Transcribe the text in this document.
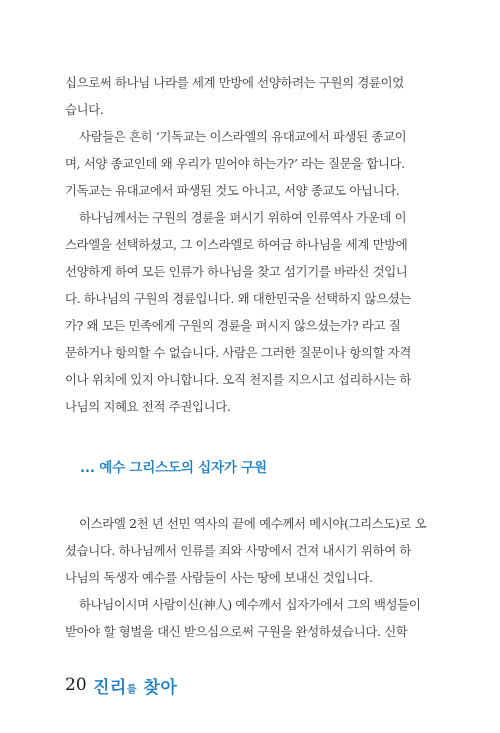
십으로써 하나님 나라를 세계 만방에 선양하려는 구원의 경륜이었
습니다.
사람들은 흔히 ‘기독교는 이스라엘의 유대교에서 파생된 종교이
며, 서양 종교인데 왜 우리가 믿어야 하는가?’ 라는 질문을 합니다.
기독교는 유대교에서 파생된 것도 아니고, 서양 종교도 아닙니다.
하나님께서는 구원의 경륜을 펴시기 위하여 인류역사 가운데 이
스라엘을 선택하셨고, 그 이스라엘로 하여금 하나님을 세계 만방에
선양하게 하여 모든 인류가 하나님을 찾고 섬기기를 바라신 것입니
다. 하나님의 구원의 경륜입니다. 왜 대한민국을 선택하지 않으셨는
가? 왜 모든 민족에게 구원의 경륜을 펴시지 않으셨는가? 라고 질
문하거나 항의할 수 없습니다. 사람은 그러한 질문이나 항의할 자격
이나 위치에 있지 아니합니다. 오직 천지를 지으시고 섭리하시는 하
나님의 지혜요 전적 주권입니다.
... 예수 그리스도의 십자가 구원
이스라엘 2천 년 선민 역사의 끝에 예수께서 메시야(그리스도)로 오
셨습니다. 하나님께서 인류를 죄와 사망에서 건져 내시기 위하여 하
나님의 독생자 예수를 사람들이 사는 땅에 보내신 것입니다.
하나님이시며 사람이신(神人) 예수께서 십자가에서 그의 백성들이
받아야 할 형벌을 대신 받으심으로써 구원을 완성하셨습니다. 신학
20 진리를 찾아
